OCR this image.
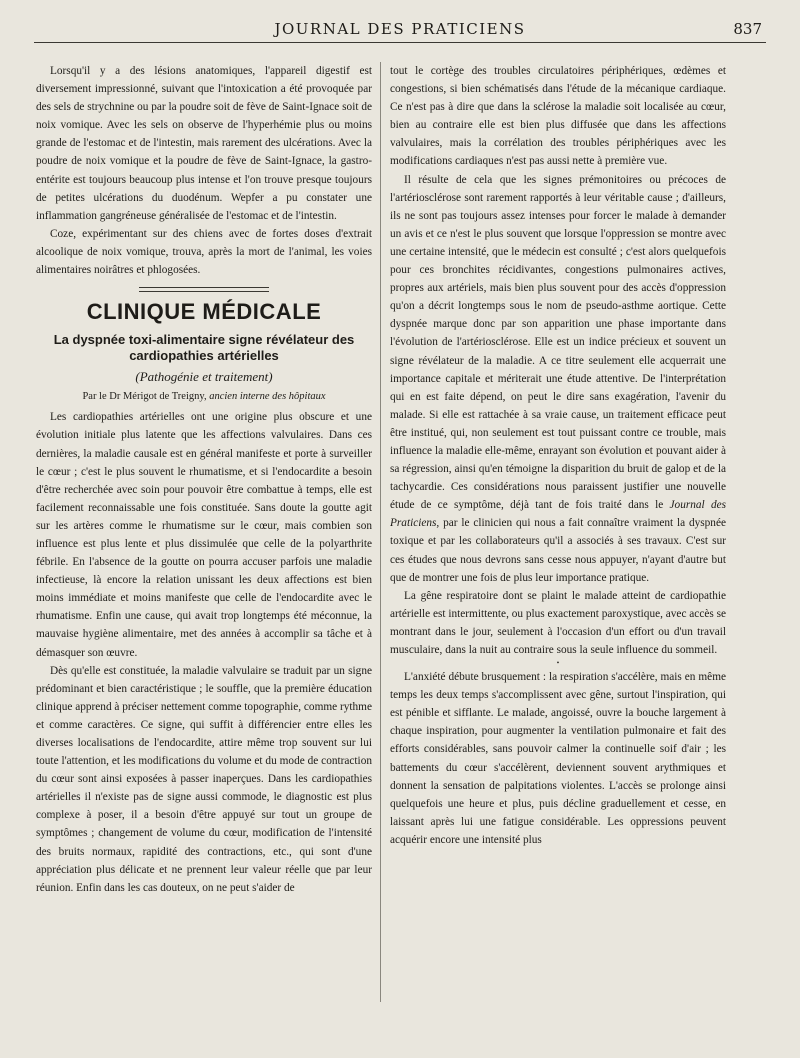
JOURNAL DES PRATICIENS	837

Lorsqu'il y a des lésions anatomiques, l'appareil digestif est diversement impressionné, suivant que l'intoxication a été provoquée par des sels de strychnine ou par la poudre soit de fève de Saint-Ignace soit de noix vomique. Avec les sels on observe de l'hyperhémie plus ou moins grande de l'estomac et de l'intestin, mais rarement des ulcérations. Avec la poudre de noix vomique et la poudre de fève de Saint-Ignace, la gastro-entérite est toujours beaucoup plus intense et l'on trouve presque toujours de petites ulcérations du duodénum. Wepfer a pu constater une inflammation gangréneuse généralisée de l'estomac et de l'intestin.

Coze, expérimentant sur des chiens avec de fortes doses d'extrait alcoolique de noix vomique, trouva, après la mort de l'animal, les voies alimentaires noirâtres et phlogosées.

CLINIQUE MÉDICALE
La dyspnée toxi-alimentaire signe révélateur des cardiopathies artérielles
(Pathogénie et traitement)
Par le Dr Mérigot de Treigny, ancien interne des hôpitaux

Les cardiopathies artérielles ont une origine plus obscure et une évolution initiale plus latente que les affections valvulaires. Dans ces dernières, la maladie causale est en général manifeste et porte à surveiller le cœur ; c'est le plus souvent le rhumatisme, et si l'endocardite a besoin d'être recherchée avec soin pour pouvoir être combattue à temps, elle est facilement reconnaissable une fois constituée. Sans doute la goutte agit sur les artères comme le rhumatisme sur le cœur, mais combien son influence est plus lente et plus dissimulée que celle de la polyarthrite fébrile. En l'absence de la goutte on pourra accuser parfois une maladie infectieuse, là encore la relation unissant les deux affections est bien moins immédiate et moins manifeste que celle de l'endocardite avec le rhumatisme. Enfin une cause, qui avait trop longtemps été méconnue, la mauvaise hygiène alimentaire, met des années à accomplir sa tâche et à démasquer son œuvre.

Dès qu'elle est constituée, la maladie valvulaire se traduit par un signe prédominant et bien caractéristique ; le souffle, que la première éducation clinique apprend à préciser nettement comme topographie, comme rythme et comme caractères. Ce signe, qui suffit à différencier entre elles les diverses localisations de l'endocardite, attire même trop souvent sur lui toute l'attention, et les modifications du volume et du mode de contraction du cœur sont ainsi exposées à passer inaperçues. Dans les cardiopathies artérielles il n'existe pas de signe aussi commode, le diagnostic est plus complexe à poser, il a besoin d'être appuyé sur tout un groupe de symptômes ; changement de volume du cœur, modification de l'intensité des bruits normaux, rapidité des contractions, etc., qui sont d'une appréciation plus délicate et ne prennent leur valeur réelle que par leur réunion. Enfin dans les cas douteux, on ne peut s'aider de

tout le cortège des troubles circulatoires périphériques, œdèmes et congestions, si bien schématisés dans l'étude de la mécanique cardiaque. Ce n'est pas à dire que dans la sclérose la maladie soit localisée au cœur, bien au contraire elle est bien plus diffusée que dans les affections valvulaires, mais la corrélation des troubles périphériques avec les modifications cardiaques n'est pas aussi nette à première vue.

Il résulte de cela que les signes prémonitoires ou précoces de l'artériosclérose sont rarement rapportés à leur véritable cause ; d'ailleurs, ils ne sont pas toujours assez intenses pour forcer le malade à demander un avis et ce n'est le plus souvent que lorsque l'oppression se montre avec une certaine intensité, que le médecin est consulté ; c'est alors quelquefois pour ces bronchites récidivantes, congestions pulmonaires actives, propres aux artériels, mais bien plus souvent pour des accès d'oppression qu'on a décrit longtemps sous le nom de pseudo-asthme aortique. Cette dyspnée marque donc par son apparition une phase importante dans l'évolution de l'artériosclérose. Elle est un indice précieux et souvent un signe révélateur de la maladie. A ce titre seulement elle acquerrait une importance capitale et mériterait une étude attentive. De l'interprétation qui en est faite dépend, on peut le dire sans exagération, l'avenir du malade. Si elle est rattachée à sa vraie cause, un traitement efficace peut être institué, qui, non seulement est tout puissant contre ce trouble, mais influence la maladie elle-même, enrayant son évolution et pouvant aider à sa régression, ainsi qu'en témoigne la disparition du bruit de galop et de la tachycardie. Ces considérations nous paraissent justifier une nouvelle étude de ce symptôme, déjà tant de fois traité dans le Journal des Praticiens, par le clinicien qui nous a fait connaître vraiment la dyspnée toxique et par les collaborateurs qu'il a associés à ses travaux. C'est sur ces études que nous devrons sans cesse nous appuyer, n'ayant d'autre but que de montrer une fois de plus leur importance pratique.

La gêne respiratoire dont se plaint le malade atteint de cardiopathie artérielle est intermittente, ou plus exactement paroxystique, avec accès se montrant dans le jour, seulement à l'occasion d'un effort ou d'un travail musculaire, dans la nuit au contraire sous la seule influence du sommeil.

•

L'anxiété débute brusquement : la respiration s'accélère, mais en même temps les deux temps s'accomplissent avec gêne, surtout l'inspiration, qui est pénible et sifflante. Le malade, angoissé, ouvre la bouche largement à chaque inspiration, pour augmenter la ventilation pulmonaire et fait des efforts considérables, sans pouvoir calmer la continuelle soif d'air ; les battements du cœur s'accélèrent, deviennent souvent arythmiques et donnent la sensation de palpitations violentes. L'accès se prolonge ainsi quelquefois une heure et plus, puis décline graduellement et cesse, en laissant après lui une fatigue considérable. Les oppressions peuvent acquérir encore une intensité plus
